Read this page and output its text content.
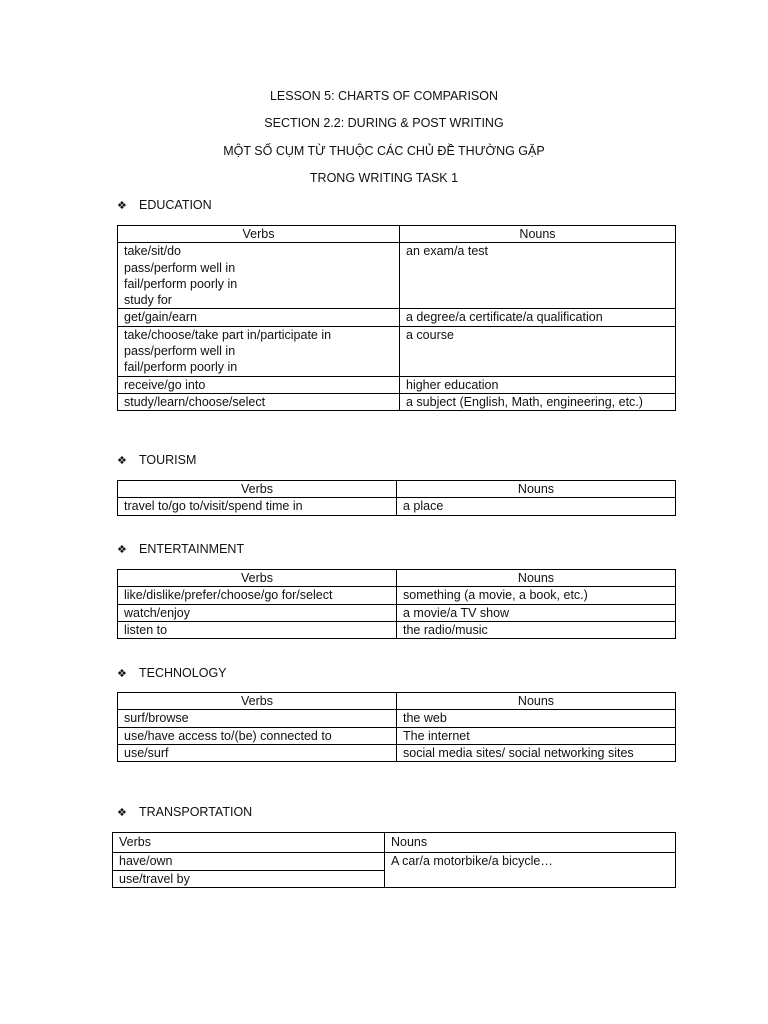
LESSON 5: CHARTS OF COMPARISON
SECTION 2.2: DURING & POST WRITING
MỘT SỐ CỤM TỪ THUỘC CÁC CHỦ ĐỀ THƯỜNG GẶP
TRONG WRITING TASK 1
❖ EDUCATION
Verbs	Nouns

take/sit/do
pass/perform well in
fail/perform poorly in
study for	an exam/a test

get/gain/earn	a degree/a certificate/a qualification

take/choose/take part in/participate in
pass/perform well in
fail/perform poorly in	a course

receive/go into	higher education

study/learn/choose/select	a subject (English, Math, engineering, etc.)
❖ TOURISM
Verbs	Nouns
travel to/go to/visit/spend time in	a place
❖ ENTERTAINMENT
Verbs	Nouns
like/dislike/prefer/choose/go for/select	something (a movie, a book, etc.)
watch/enjoy	a movie/a TV show
listen to	the radio/music
❖ TECHNOLOGY
Verbs	Nouns
surf/browse	the web
use/have access to/(be) connected to	The internet
use/surf	social media sites/ social networking sites
❖ TRANSPORTATION
Verbs	Nouns
have/own	A car/a motorbike/a bicycle…
use/travel by	
